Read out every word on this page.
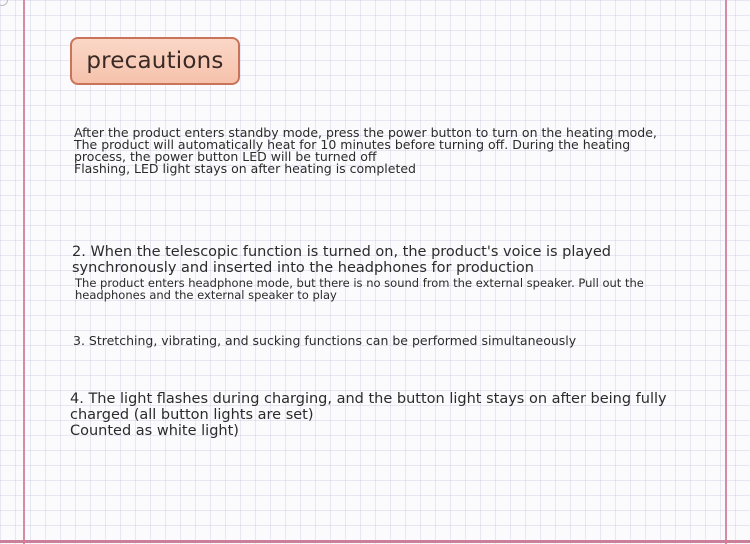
precautions
After the product enters standby mode, press the power button to turn on the heating mode,
The product will automatically heat for 10 minutes before turning off. During the heating process, the power button LED will be turned off
Flashing, LED light stays on after heating is completed
2. When the telescopic function is turned on, the product's voice is played synchronously and inserted into the headphones for production
The product enters headphone mode, but there is no sound from the external speaker. Pull out the headphones and the external speaker to play
3. Stretching, vibrating, and sucking functions can be performed simultaneously
4. The light flashes during charging, and the button light stays on after being fully charged (all button lights are set)
Counted as white light)
